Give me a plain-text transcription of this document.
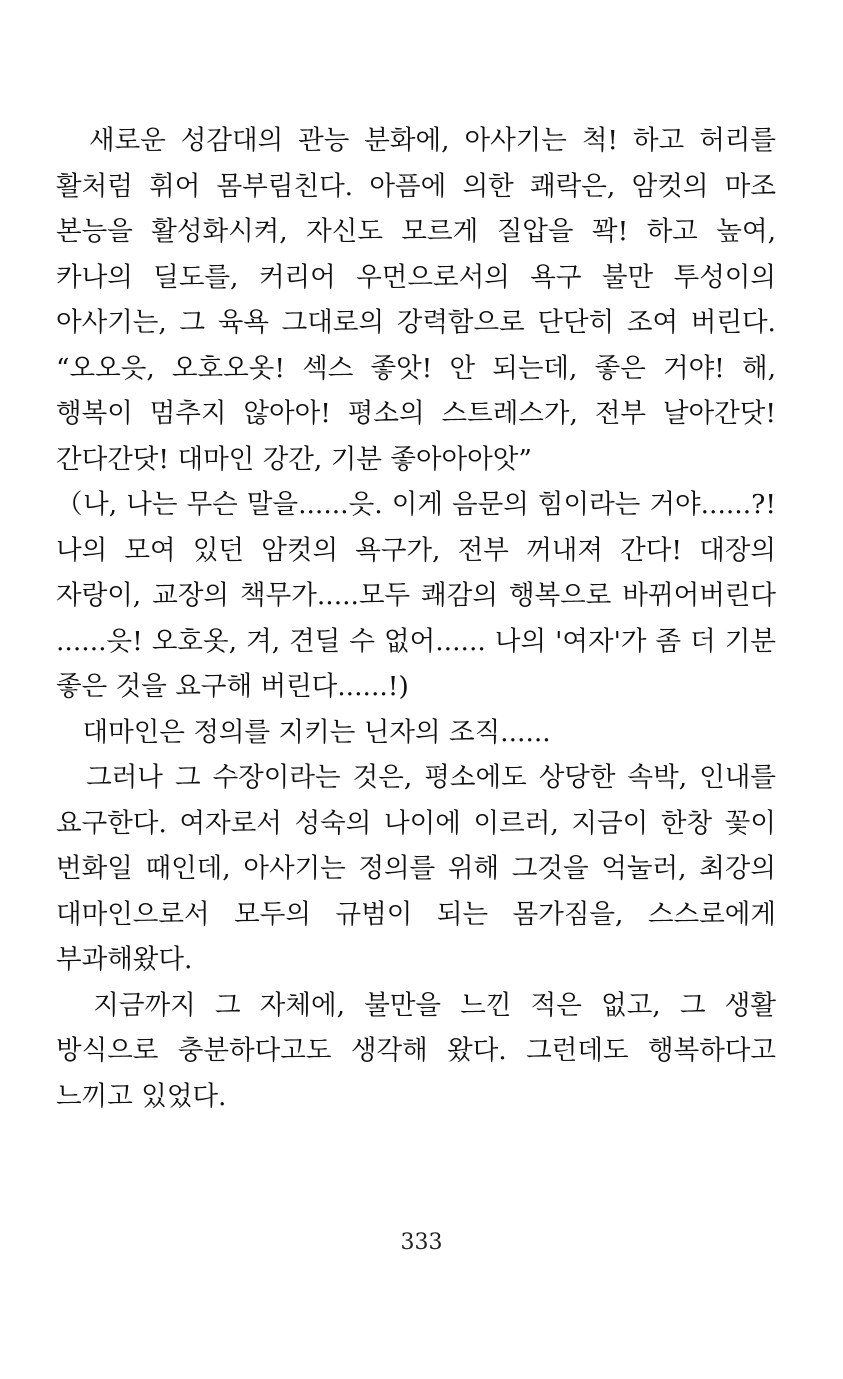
　새로운 성감대의 관능 분화에, 아사기는 척! 하고 허리를
활처럼 휘어 몸부림친다. 아픔에 의한 쾌락은, 암컷의 마조
본능을 활성화시켜, 자신도 모르게 질압을 꽉! 하고 높여,
카나의 딜도를, 커리어 우먼으로서의 욕구 불만 투성이의
아사기는, 그 육욕 그대로의 강력함으로 단단히 조여 버린다.

“오오읏, 오호오옷! 섹스 좋앗! 안 되는데, 좋은 거야! 해,
행복이 멈추지 않아아! 평소의 스트레스가, 전부 날아간닷!
간다간닷! 대마인 강간, 기분 좋아아아앗”

（나, 나는 무슨 말을......읏. 이게 음문의 힘이라는 거야......?!
나의 모여 있던 암컷의 욕구가, 전부 꺼내져 간다! 대장의
자랑이, 교장의 책무가.....모두 쾌감의 행복으로 바뀌어버린다
......읏! 오호옷, 겨, 견딜 수 없어...... 나의 '여자'가 좀 더 기분
좋은 것을 요구해 버린다......!)

　대마인은 정의를 지키는 닌자의 조직......

　그러나 그 수장이라는 것은, 평소에도 상당한 속박, 인내를
요구한다. 여자로서 성숙의 나이에 이르러, 지금이 한창 꽃이
번화일 때인데, 아사기는 정의를 위해 그것을 억눌러, 최강의
대마인으로서 모두의 규범이 되는 몸가짐을, 스스로에게
부과해왔다.

　지금까지 그 자체에, 불만을 느낀 적은 없고, 그 생활
방식으로 충분하다고도 생각해 왔다. 그런데도 행복하다고
느끼고 있었다.

333
